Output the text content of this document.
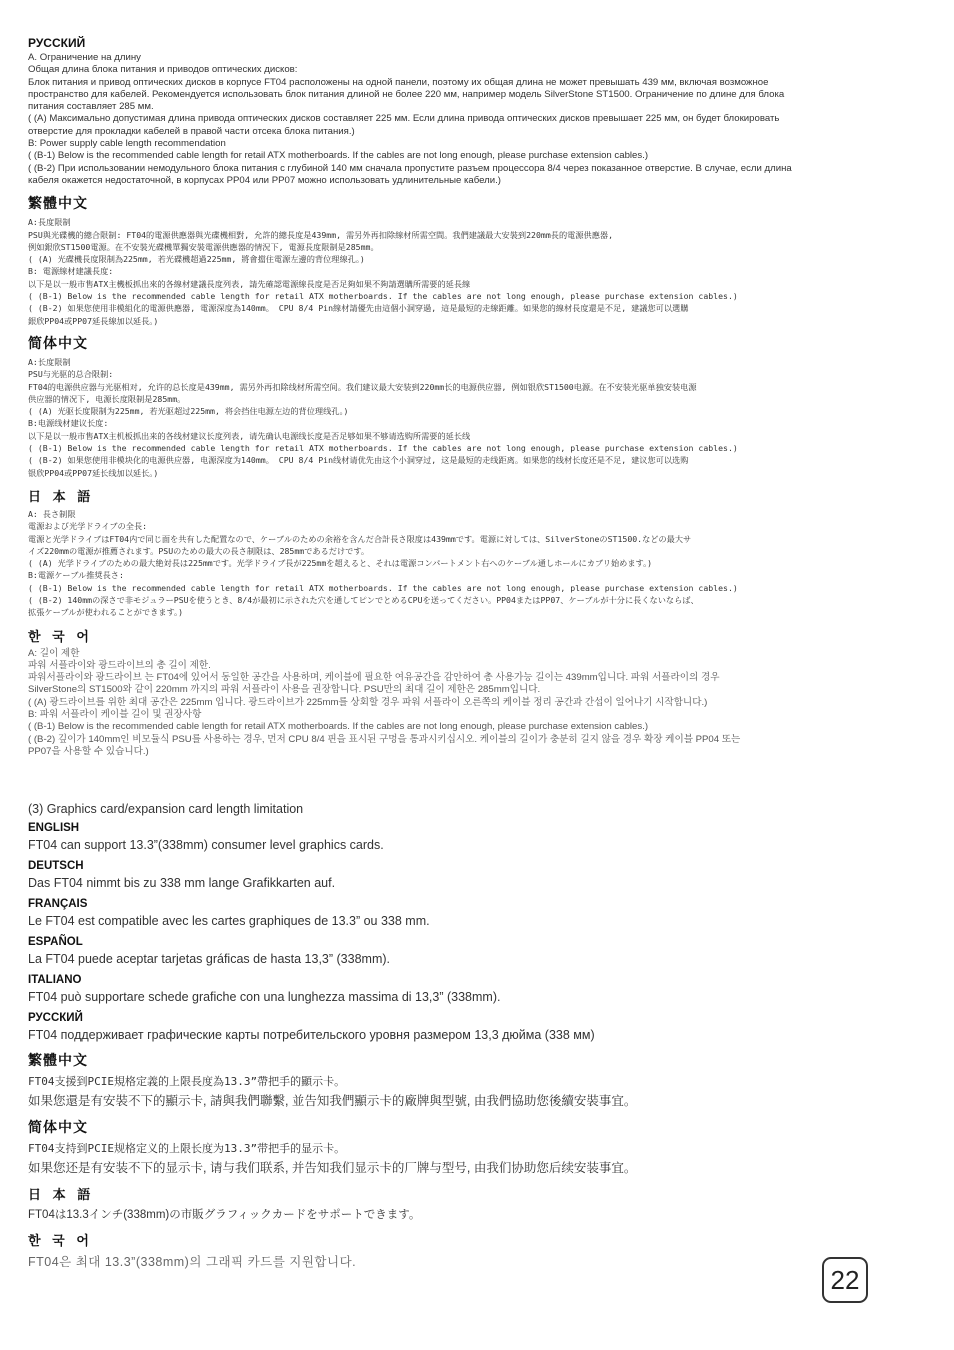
РУССКИЙ

A. Ограничение на длину

Общая длина блока питания и приводов оптических дисков:

Блок питания и привод оптических дисков в корпусе FT04 расположены на одной панели, поэтому их общая длина не может превышать 439 мм, включая возможное

пространство для кабелей. Рекомендуется использовать блок питания длиной не более 220 мм, например модель SilverStone ST1500. Ограничение по длине для блока

питания составляет 285 мм.

( (A) Максимально допустимая длина привода оптических дисков составляет 225 мм. Если длина привода оптических дисков превышает 225 мм, он будет блокировать

отверстие для прокладки кабелей в правой части отсека блока питания.)

B: Power supply cable length recommendation

( (B-1) Below is the recommended cable length for retail ATX motherboards. If the cables are not long enough, please purchase extension cables.)

( (B-2) При использовании немодульного блока питания с глубиной 140 мм сначала пропустите разъем процессора 8/4 через показанное отверстие. В случае, если длина

кабеля окажется недостаточной, в корпусах PP04 или PP07 можно использовать удлинительные кабели.)

繁體中文

A:長度限制

PSU與光碟機的總合限制: FT04的電源供應器與光碟機相對, 允許的總長度是439mm, 需另外再扣除線材所需空間。我們建議最大安裝到220mm長的電源供應器,

例如銀欣ST1500電源。在不安裝光碟機單獨安裝電源供應器的情況下, 電源長度限制是285mm。

( (A) 光碟機長度限制為225mm, 若光碟機超過225mm, 將會擋住電源左邊的背位理線孔。)

B: 電源線材建議長度:

以下是以一般市售ATX主機板抓出來的各線材建議長度列表, 請先確認電源線長度是否足夠如果不夠請選購所需要的延長線

( (B-1) Below is the recommended cable length for retail ATX motherboards. If the cables are not long enough, please purchase extension cables.)

( (B-2) 如果您使用非模組化的電源供應器, 電源深度為140mm。 CPU 8/4 Pin線材請優先由這個小洞穿過, 這是最短的走線距離。如果您的線材長度還是不足, 建議您可以選購

銀欣PP04或PP07延長線加以延長。)

简体中文

A:长度限制

PSU与光驱的总合限制:

FT04的电源供应器与光驱相对, 允许的总长度是439mm, 需另外再扣除线材所需空间。我们建议最大安装到220mm长的电源供应器, 例如银欣ST1500电源。在不安装光驱单独安装电源

供应器的情况下, 电源长度限制是285mm。

( (A) 光驱长度限制为225mm, 若光驱超过225mm, 将会挡住电源左边的背位理线孔。)

B:电源线材建议长度:

以下是以一般市售ATX主机板抓出来的各线材建议长度列表, 请先确认电源线长度是否足够如果不够请选购所需要的延长线

( (B-1) Below is the recommended cable length for retail ATX motherboards. If the cables are not long enough, please purchase extension cables.)

( (B-2) 如果您使用非模块化的电源供应器, 电源深度为140mm。 CPU 8/4 Pin线材请优先由这个小洞穿过, 这是最短的走线距离。如果您的线材长度还是不足, 建议您可以选购

银欣PP04或PP07延长线加以延长。)

日 本 語

A: 長さ制限

電源および光学ドライブの全長:

電源と光学ドライブはFT04内で同じ面を共有した配置なので、ケーブルのための余裕を含んだ合計長さ限度は439mmです。電源に対しては、SilverStoneのST1500.などの最大サ

イズ220mmの電源が推薦されます。PSUのための最大の長さ制限は、285mmであるだけです。

( (A) 光学ドライブのための最大絶対長は225mmです。光学ドライブ長が225mmを超えると、それは電源コンパートメント右へのケーブル通しホールにカブリ始めます。)

B:電源ケーブル推奨長さ:

( (B-1) Below is the recommended cable length for retail ATX motherboards. If the cables are not long enough, please purchase extension cables.)

( (B-2) 140mmの深さで非モジュラーPSUを使うとき、8/4が最初に示された穴を通してピンでとめるCPUを送ってください。PP04またはPP07、ケーブルが十分に長くないならば、

拡張ケーブルが使われることができます。)

한 국 어

A: 길이 제한

파워 서플라이와 광드라이브의 총 길이 제한.

파워서플라이와 광드라이브 는 FT04에 있어서 동일한 공간을 사용하며, 케이블에 필요한 여유공간을 감안하여 총 사용가능 길이는 439mm입니다. 파워 서플라이의 경우

SilverStone의 ST1500와 같이 220mm 까지의 파워 서플라이 사용을 권장합니다. PSU만의 최대 길이 제한은 285mm입니다.

( (A) 광드라이브를 위한 최대 공간은 225mm 입니다. 광드라이브가 225mm를 상회할 경우 파워 서플라이 오른쪽의 케이블 정리 공간과 간섭이 일어나기 시작합니다.)

B: 파워 서플라이 케이블 길이 및 권장사항

( (B-1) Below is the recommended cable length for retail ATX motherboards. If the cables are not long enough, please purchase extension cables.)

( (B-2) 깊이가 140mm인 비모듈식 PSU를 사용하는 경우, 먼저 CPU 8/4 핀을 표시된 구멍을 통과시키십시오. 케이블의 길이가 충분히 길지 않을 경우 확장 케이블 PP04 또는

PP07을 사용할 수 있습니다.)

(3) Graphics card/expansion card length limitation
ENGLISH
FT04 can support 13.3”(338mm) consumer level graphics cards.
DEUTSCH
Das FT04 nimmt bis zu 338 mm lange Grafikkarten auf.
FRANÇAIS
Le FT04 est compatible avec les cartes graphiques de 13.3” ou 338 mm.
ESPAÑOL
La FT04 puede aceptar tarjetas gráficas de hasta 13,3” (338mm).
ITALIANO
FT04 può supportare schede grafiche con una lunghezza massima di 13,3” (338mm).
РУССКИЙ
FT04 поддерживает графические карты потребительского уровня размером 13,3 дюйма (338 мм)
繁體中文
FT04支援到PCIE規格定義的上限長度為13.3”帶把手的顯示卡。
如果您還是有安裝不下的顯示卡, 請與我們聯繫, 並告知我們顯示卡的廠牌與型號, 由我們協助您後續安裝事宜。
简体中文
FT04支持到PCIE规格定义的上限长度为13.3”带把手的显示卡。
如果您还是有安装不下的显示卡, 请与我们联系, 并告知我们显示卡的厂牌与型号, 由我们协助您后续安装事宜。
日 本 語
FT04は13.3インチ(338mm)の市販グラフィックカードをサポートできます。
한 국 어
FT04은 최대 13.3”(338mm)의 그래픽 카드를 지원합니다.
22
